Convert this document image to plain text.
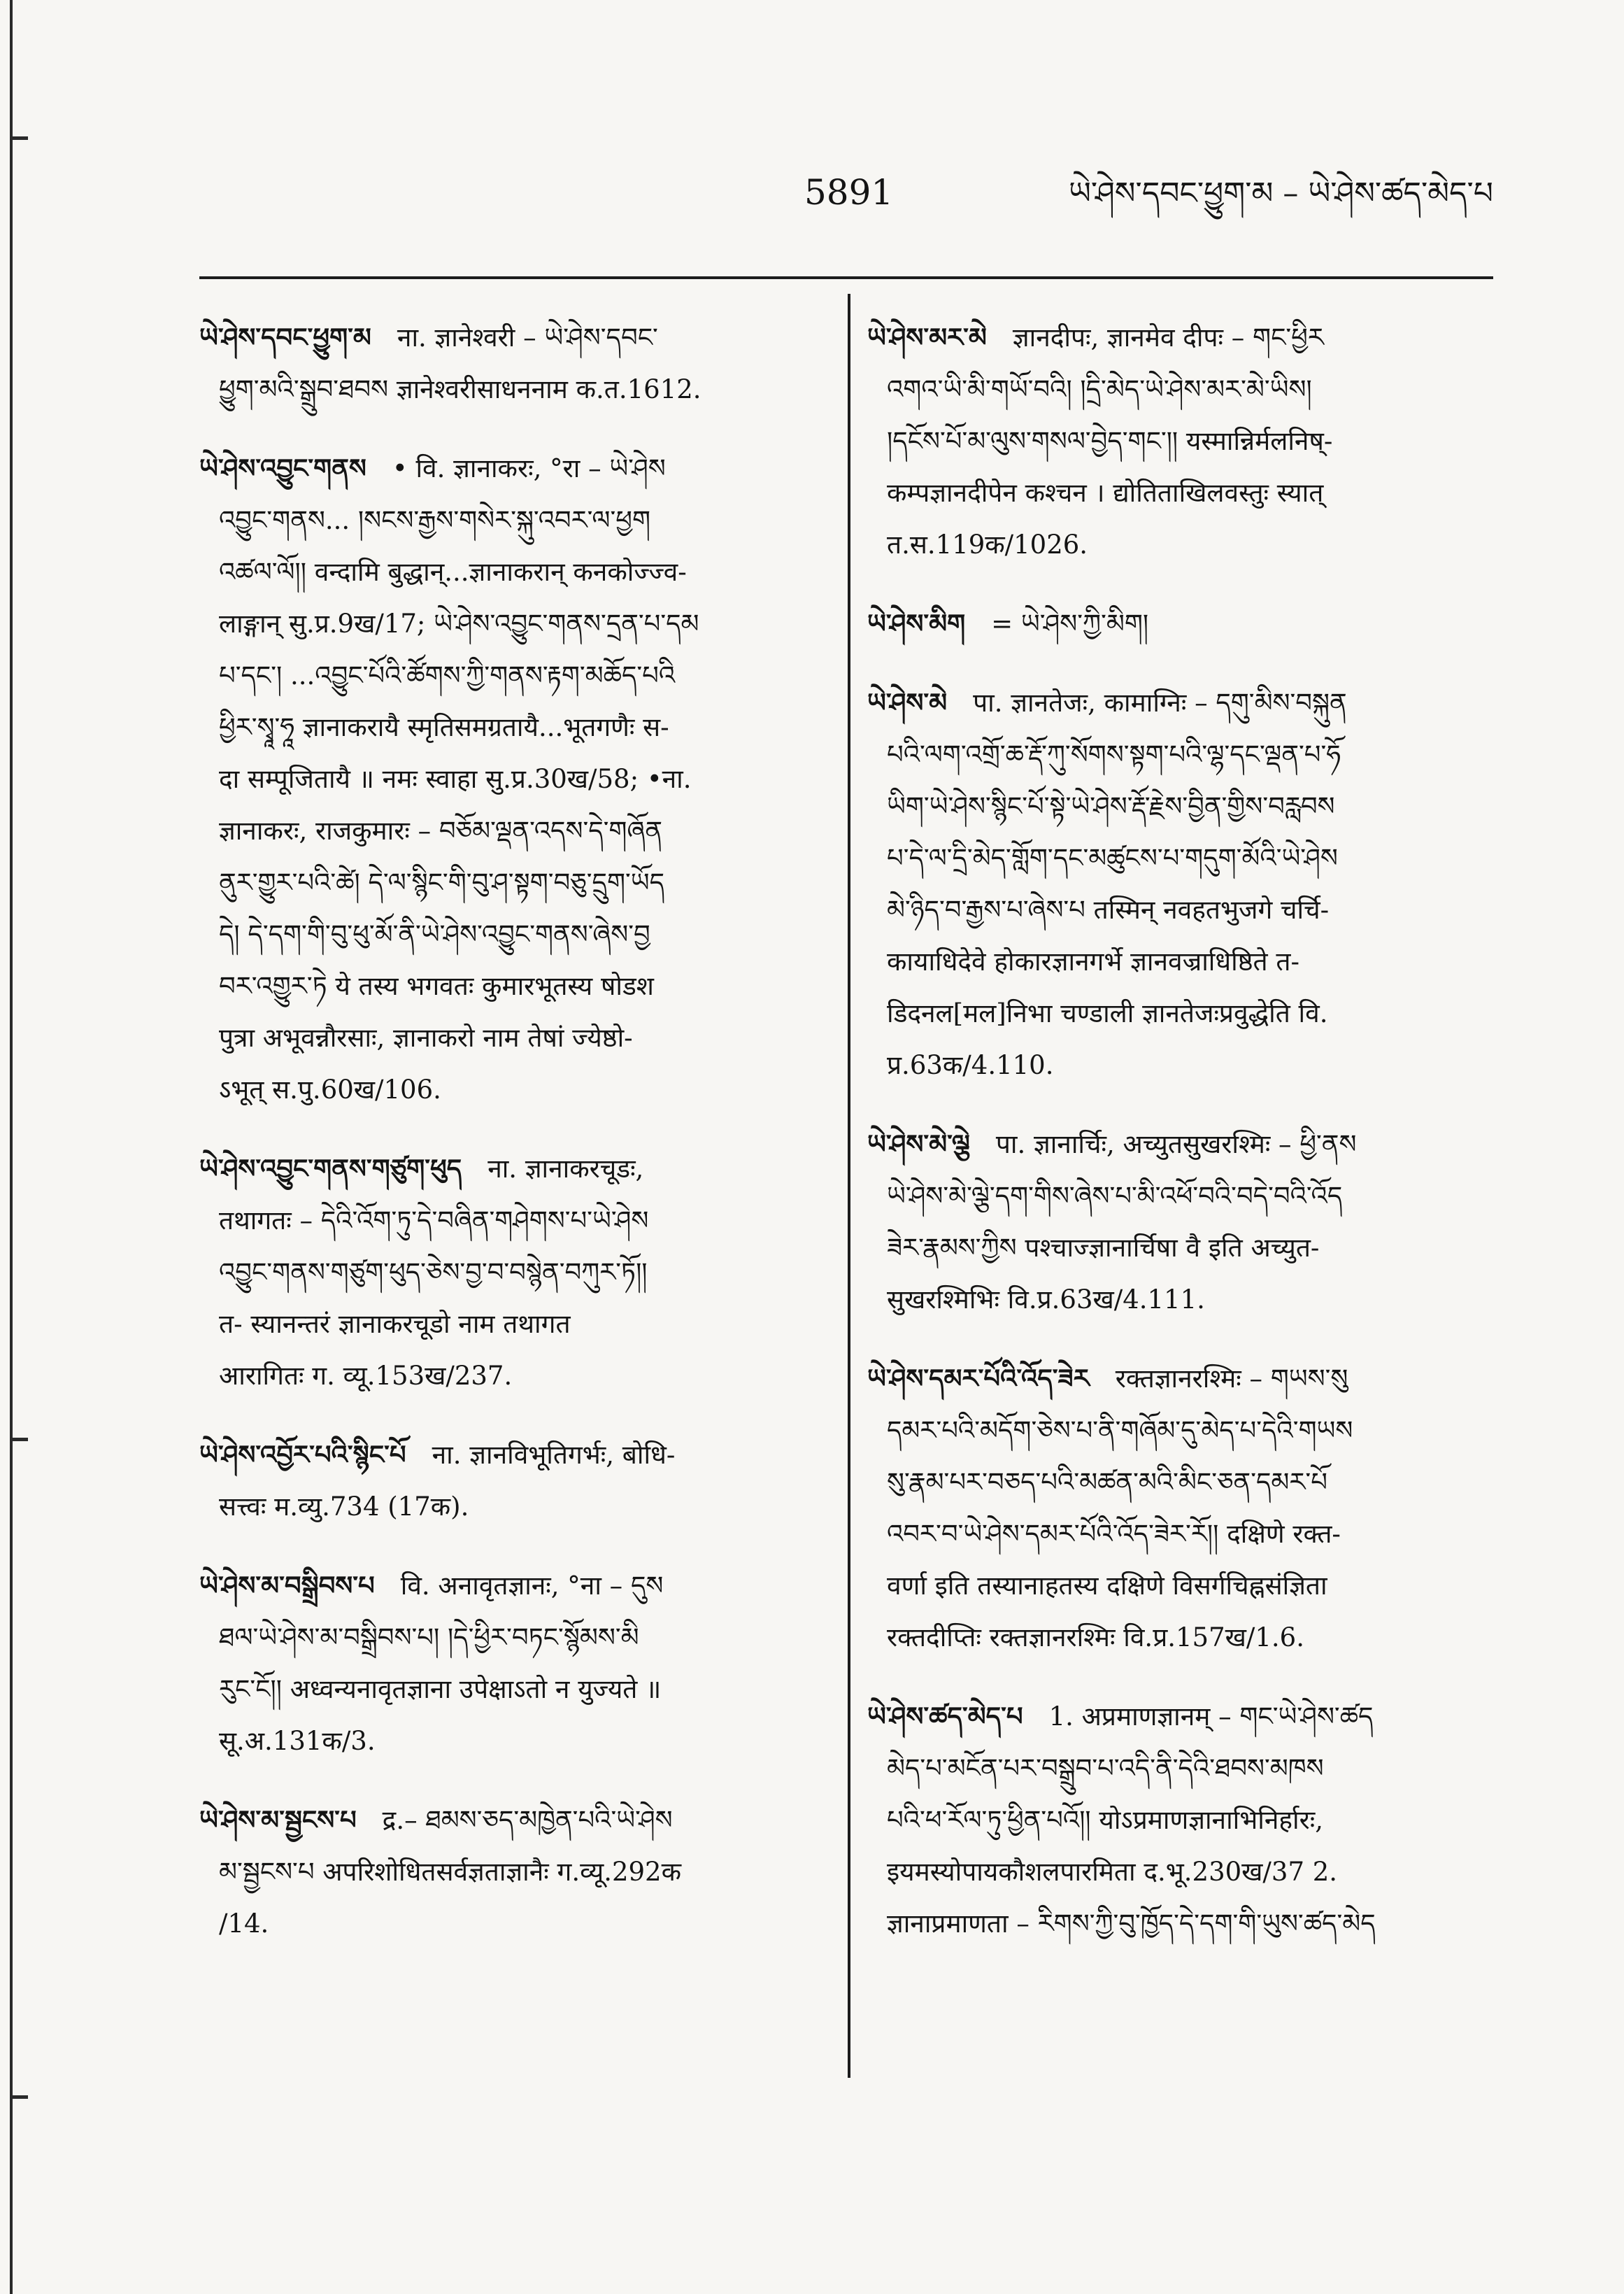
5891	ཡེ་ཤེས་དབང་ཕྱུག་མ – ཡེ་ཤེས་ཚད་མེད་པ

ཡེ་ཤེས་དབང་ཕྱུག་མ  ना. ज्ञानेश्वरी – ཡེ་ཤེས་དབང་

ཕྱུག་མའི་སྒྲུབ་ཐབས ज्ञानेश्वरीसाधननाम क.त.1612.

ཡེ་ཤེས་འབྱུང་གནས  • वि. ज्ञानाकरः, °रा – ཡེ་ཤེས

འབྱུང་གནས... །སངས་རྒྱས་གསེར་སྐུ་འབར་ལ་ཕྱག

འཚལ་ལོ།། वन्दामि बुद्धान्...ज्ञानाकरान् कनकोज्ज्व-

लाङ्गान् सु.प्र.9ख/17; ཡེ་ཤེས་འབྱུང་གནས་དྲན་པ་དམ

པ་དང་། ...འབྱུང་པོའི་ཚོགས་ཀྱི་གནས་རྟག་མཆོད་པའི

ཕྱིར་སྭཱ་ཧཱ ज्ञानाकरायै स्मृतिसमग्रतायै...भूतगणैः स-

दा सम्पूजितायै ॥ नमः स्वाहा सु.प्र.30ख/58; •ना.

ज्ञानाकरः, राजकुमारः – བཅོམ་ལྡན་འདས་དེ་གཞོན

ནུར་གྱུར་པའི་ཚེ། དེ་ལ་སྙིང་གི་བུ་ཤ་སྟག་བཅུ་དྲུག་ཡོད

དེ། དེ་དག་གི་བུ་ཕུ་མོ་ནི་ཡེ་ཤེས་འབྱུང་གནས་ཞེས་བྱ

བར་འགྱུར་ཏེ ये तस्य भगवतः कुमारभूतस्य षोडश

पुत्रा अभूवन्नौरसाः, ज्ञानाकरो नाम तेषां ज्येष्ठो-

ऽभूत् स.पु.60ख/106.

ཡེ་ཤེས་འབྱུང་གནས་གཙུག་ཕུད  ना. ज्ञानाकरचूडः,

तथागतः – དེའི་འོག་ཏུ་དེ་བཞིན་གཤེགས་པ་ཡེ་ཤེས

འབྱུང་གནས་གཙུག་ཕུད་ཅེས་བྱ་བ་བསྙེན་བཀུར་ཏོ།།

त- स्यानन्तरं ज्ञानाकरचूडो नाम तथागत

आरागितः ग. व्यू.153ख/237.

ཡེ་ཤེས་འབྱོར་པའི་སྙིང་པོ  ना. ज्ञानविभूतिगर्भः, बोधि-

सत्त्वः म.व्यु.734 (17क).

ཡེ་ཤེས་མ་བསྒྲིབས་པ  वि. अनावृतज्ञानः, °ना – དུས

ཐལ་ཡེ་ཤེས་མ་བསྒྲིབས་པ། །དེ་ཕྱིར་བཏང་སྙོམས་མི

རུང་ངོ།། अध्वन्यनावृतज्ञाना उपेक्षाऽतो न युज्यते ॥

सू.अ.131क/3.

ཡེ་ཤེས་མ་སྦྱངས་པ  द्र.– ཐམས་ཅད་མཁྱེན་པའི་ཡེ་ཤེས

མ་སྦྱངས་པ अपरिशोधितसर्वज्ञताज्ञानैः ग.व्यू.292क

/14.

ཡེ་ཤེས་མར་མེ  ज्ञानदीपः, ज्ञानमेव दीपः – གང་ཕྱིར

འགའ་ཡི་མི་གཡོ་བའི། །དྲི་མེད་ཡེ་ཤེས་མར་མེ་ཡིས།

།དངོས་པོ་མ་ལུས་གསལ་བྱེད་གང་།། यस्मान्निर्मलनिष्-

कम्पज्ञानदीपेन कश्चन । द्योतिताखिलवस्तुः स्यात्

त.स.119क/1026.

ཡེ་ཤེས་མིག  = ཡེ་ཤེས་ཀྱི་མིག།

ཡེ་ཤེས་མེ  पा. ज्ञानतेजः, कामाग्निः – དགུ་མིས་བསྐུན

པའི་ལག་འགྲོ་ཆ་རྡོ་ཀུ་སོགས་སྟག་པའི་ལྷ་དང་ལྡན་པ་ཧོ

ཡིག་ཡེ་ཤེས་སྙིང་པོ་སྟེ་ཡེ་ཤེས་རྡོ་རྗེས་བྱིན་གྱིས་བརླབས

པ་དེ་ལ་དྲི་མེད་གློག་དང་མཚུངས་པ་གདུག་མོའི་ཡེ་ཤེས

མེ་ཉིད་བ་རྒྱས་པ་ཞེས་པ तस्मिन् नवहतभुजगे चर्चि-

कायाधिदेवे होकारज्ञानगर्भे ज्ञानवज्राधिष्ठिते त-

डिदनल[मल]निभा चण्डाली ज्ञानतेजःप्रवुद्धेति वि.

प्र.63क/4.110.

ཡེ་ཤེས་མེ་ལྕེ  पा. ज्ञानार्चिः, अच्युतसुखरश्मिः – ཕྱི་ནས

ཡེ་ཤེས་མེ་ལྕེ་དག་གིས་ཞེས་པ་མི་འཕོ་བའི་བདེ་བའི་འོད

ཟེར་རྣམས་ཀྱིས पश्चाज्ज्ञानार्चिषा वै इति अच्युत-

सुखरश्मिभिः वि.प्र.63ख/4.111.

ཡེ་ཤེས་དམར་པོའི་འོད་ཟེར  रक्तज्ञानरश्मिः – གཡས་སུ

དམར་པའི་མདོག་ཅེས་པ་ནི་གཞོམ་དུ་མེད་པ་དེའི་གཡས

སུ་རྣམ་པར་བཅད་པའི་མཚན་མའི་མིང་ཅན་དམར་པོ

འབར་བ་ཡེ་ཤེས་དམར་པོའི་འོད་ཟེར་རོ།། दक्षिणे रक्त-

वर्णा इति तस्यानाहतस्य दक्षिणे विसर्गचिह्नसंज्ञिता

रक्तदीप्तिः रक्तज्ञानरश्मिः वि.प्र.157ख/1.6.

ཡེ་ཤེས་ཚད་མེད་པ  1. अप्रमाणज्ञानम् – གང་ཡེ་ཤེས་ཚད

མེད་པ་མངོན་པར་བསྒྲུབ་པ་འདི་ནི་དེའི་ཐབས་མཁས

པའི་ཕ་རོལ་ཏུ་ཕྱིན་པའོ།། योऽप्रमाणज्ञानाभिनिर्हारः,

इयमस्योपायकौशलपारमिता द.भू.230ख/37 2.

ज्ञानाप्रमाणता – རིགས་ཀྱི་བུ་ཁྱོད་དེ་དག་གི་ཡུས་ཚད་མེད
